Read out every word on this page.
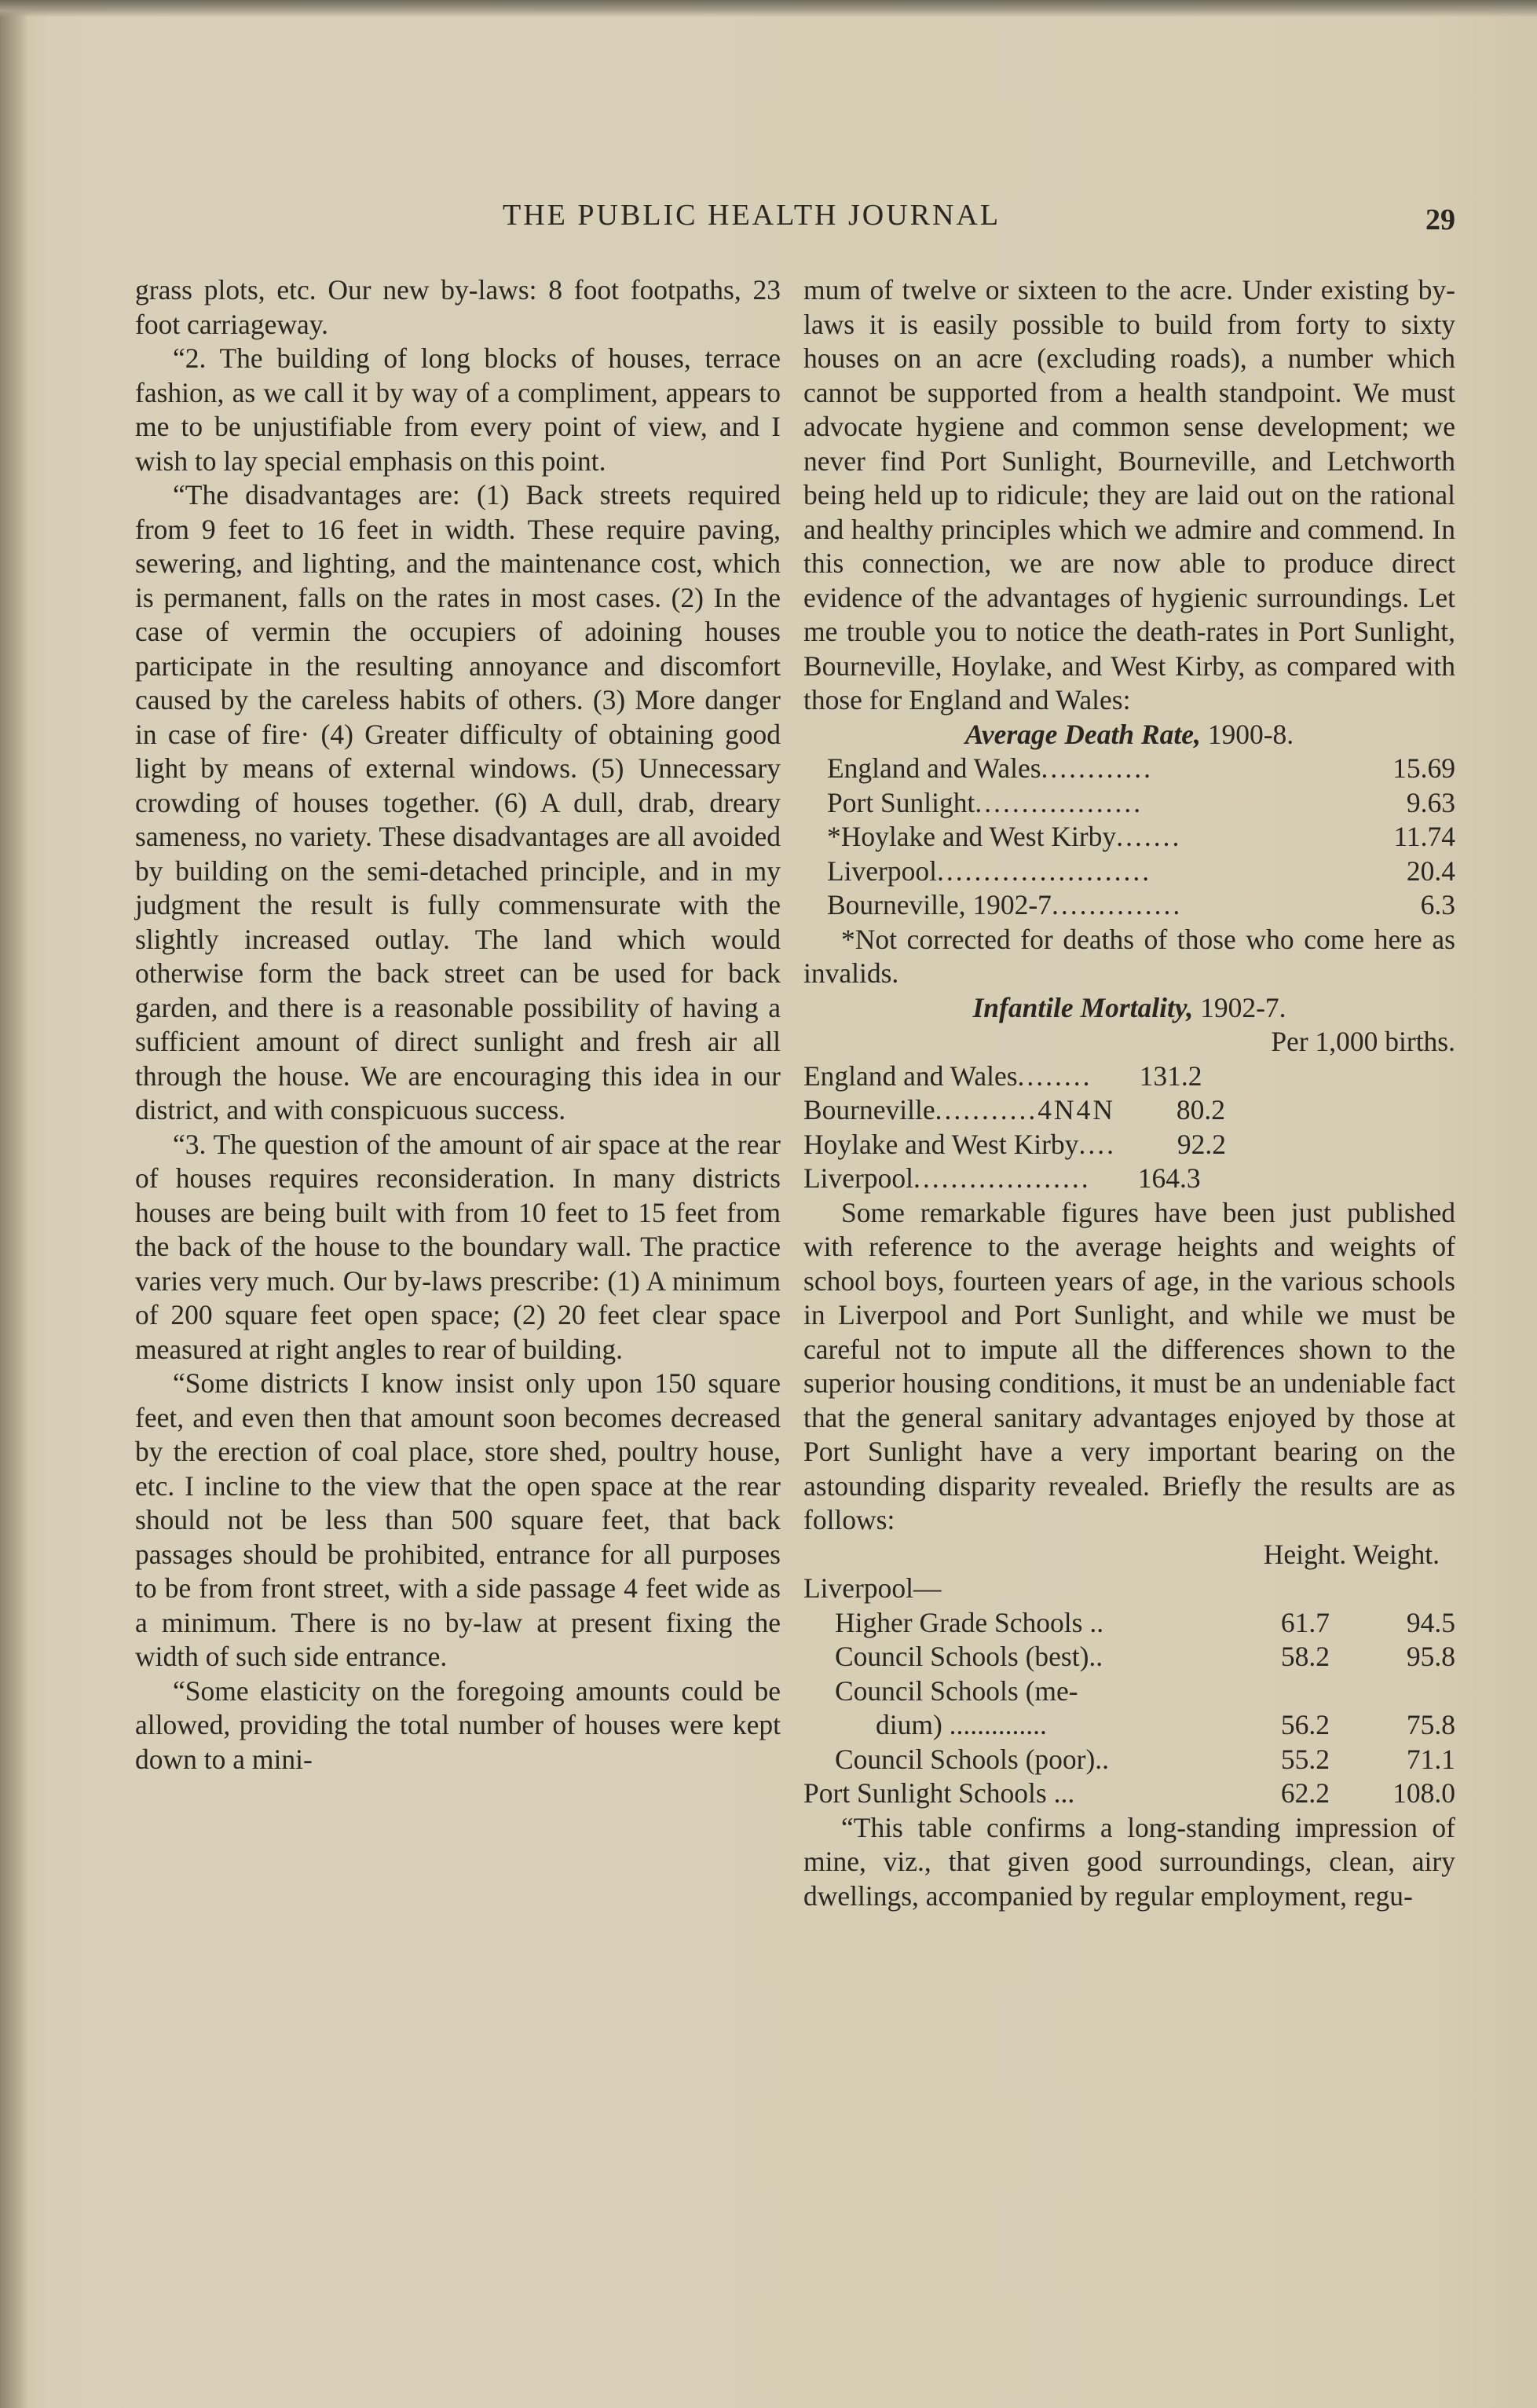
THE PUBLIC HEALTH JOURNAL	29

grass plots, etc. Our new by-laws: 8 foot footpaths, 23 foot carriageway.

“2. The building of long blocks of houses, terrace fashion, as we call it by way of a compliment, appears to me to be unjustifiable from every point of view, and I wish to lay special emphasis on this point.

“The disadvantages are: (1) Back streets required from 9 feet to 16 feet in width. These require paving, sewering, and lighting, and the maintenance cost, which is permanent, falls on the rates in most cases. (2) In the case of vermin the occupiers of adoining houses participate in the resulting annoyance and discomfort caused by the careless habits of others. (3) More danger in case of fire· (4) Greater difficulty of obtaining good light by means of external windows. (5) Unnecessary crowding of houses together. (6) A dull, drab, dreary sameness, no variety. These disadvantages are all avoided by building on the semi-detached principle, and in my judgment the result is fully commensurate with the slightly increased outlay. The land which would otherwise form the back street can be used for back garden, and there is a reasonable possibility of having a sufficient amount of direct sunlight and fresh air all through the house. We are encouraging this idea in our district, and with conspicuous success.

“3. The question of the amount of air space at the rear of houses requires reconsideration. In many districts houses are being built with from 10 feet to 15 feet from the back of the house to the boundary wall. The practice varies very much. Our by-laws prescribe: (1) A minimum of 200 square feet open space; (2) 20 feet clear space measured at right angles to rear of building.

“Some districts I know insist only upon 150 square feet, and even then that amount soon becomes decreased by the erection of coal place, store shed, poultry house, etc. I incline to the view that the open space at the rear should not be less than 500 square feet, that back passages should be prohibited, entrance for all purposes to be from front street, with a side passage 4 feet wide as a minimum. There is no by-law at present fixing the width of such side entrance.

“Some elasticity on the foregoing amounts could be allowed, providing the total number of houses were kept down to a mini-

mum of twelve or sixteen to the acre. Under existing by-laws it is easily possible to build from forty to sixty houses on an acre (excluding roads), a number which cannot be supported from a health standpoint. We must advocate hygiene and common sense development; we never find Port Sunlight, Bourneville, and Letchworth being held up to ridicule; they are laid out on the rational and healthy principles which we admire and commend. In this connection, we are now able to produce direct evidence of the advantages of hygienic surroundings. Let me trouble you to notice the death-rates in Port Sunlight, Bourneville, Hoylake, and West Kirby, as compared with those for England and Wales:

Average Death Rate, 1900-8.
England and Wales ............	15.69
Port Sunlight ..................	9.63
*Hoylake and West Kirby .......	11.74
Liverpool .......................	20.4
Bourneville, 1902-7 ..............	6.3

*Not corrected for deaths of those who come here as invalids.

Infantile Mortality, 1902-7.
Per 1,000 births.
England and Wales ........	131.2
Bourneville ...........4N4N	80.2
Hoylake and West Kirby ....	92.2
Liverpool ...................	164.3

Some remarkable figures have been just published with reference to the average heights and weights of school boys, fourteen years of age, in the various schools in Liverpool and Port Sunlight, and while we must be careful not to impute all the differences shown to the superior housing conditions, it must be an undeniable fact that the general sanitary advantages enjoyed by those at Port Sunlight have a very important bearing on the astounding disparity revealed. Briefly the results are as follows:

Height. Weight.
Liverpool—
Higher Grade Schools ..	61.7	94.5
Council Schools (best)..	58.2	95.8
Council Schools (me-
dium) ..............	56.2	75.8
Council Schools (poor)..	55.2	71.1
Port Sunlight Schools ...	62.2	108.0

“This table confirms a long-standing impression of mine, viz., that given good surroundings, clean, airy dwellings, accompanied by regular employment, regu-
